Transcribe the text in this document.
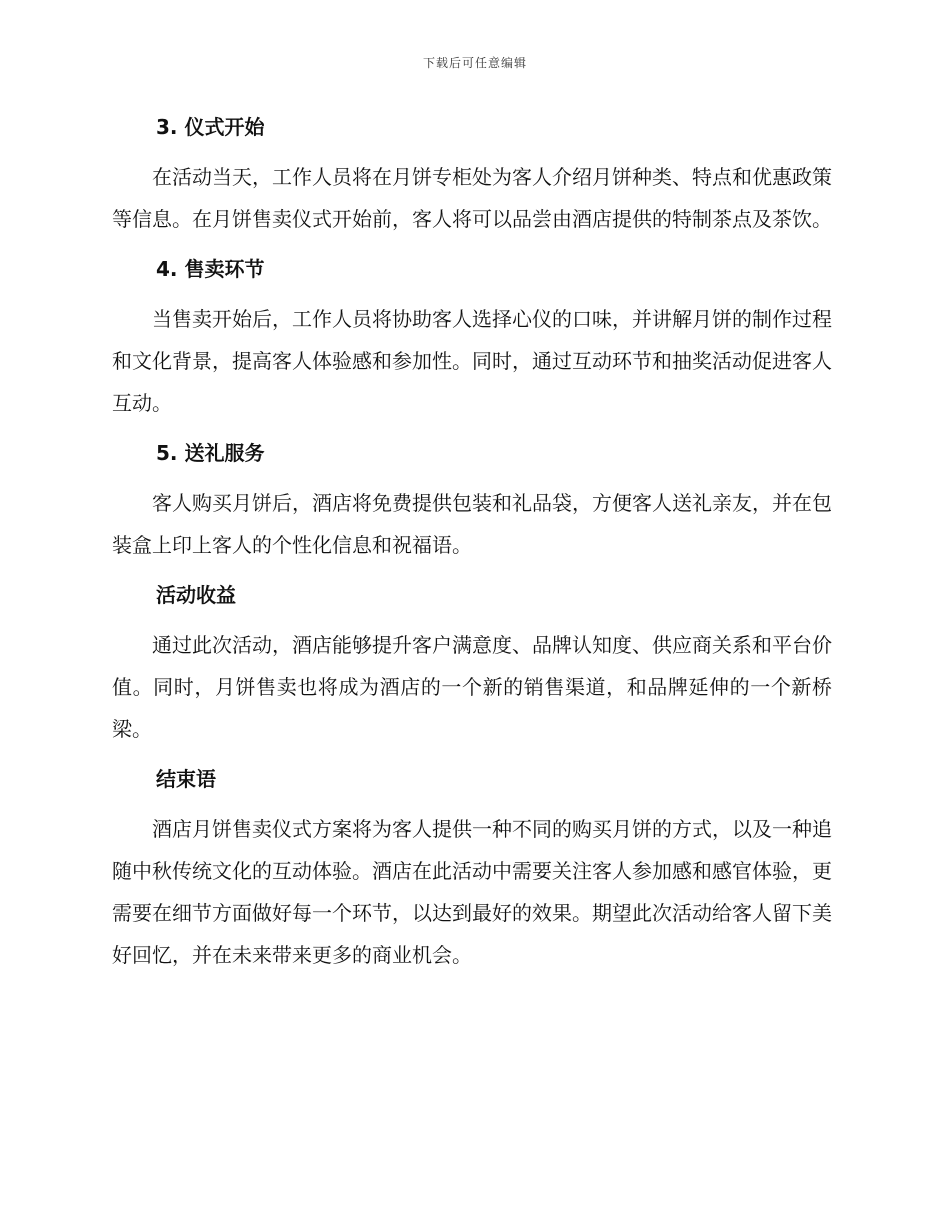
下载后可任意编辑
3. 仪式开始
在活动当天，工作人员将在月饼专柜处为客人介绍月饼种类、特点和优惠政策等信息。在月饼售卖仪式开始前，客人将可以品尝由酒店提供的特制茶点及茶饮。
4. 售卖环节
当售卖开始后，工作人员将协助客人选择心仪的口味，并讲解月饼的制作过程和文化背景，提高客人体验感和参加性。同时，通过互动环节和抽奖活动促进客人互动。
5. 送礼服务
客人购买月饼后，酒店将免费提供包装和礼品袋，方便客人送礼亲友，并在包装盒上印上客人的个性化信息和祝福语。
活动收益
通过此次活动，酒店能够提升客户满意度、品牌认知度、供应商关系和平台价值。同时，月饼售卖也将成为酒店的一个新的销售渠道，和品牌延伸的一个新桥梁。
结束语
酒店月饼售卖仪式方案将为客人提供一种不同的购买月饼的方式，以及一种追随中秋传统文化的互动体验。酒店在此活动中需要关注客人参加感和感官体验，更需要在细节方面做好每一个环节，以达到最好的效果。期望此次活动给客人留下美好回忆，并在未来带来更多的商业机会。
